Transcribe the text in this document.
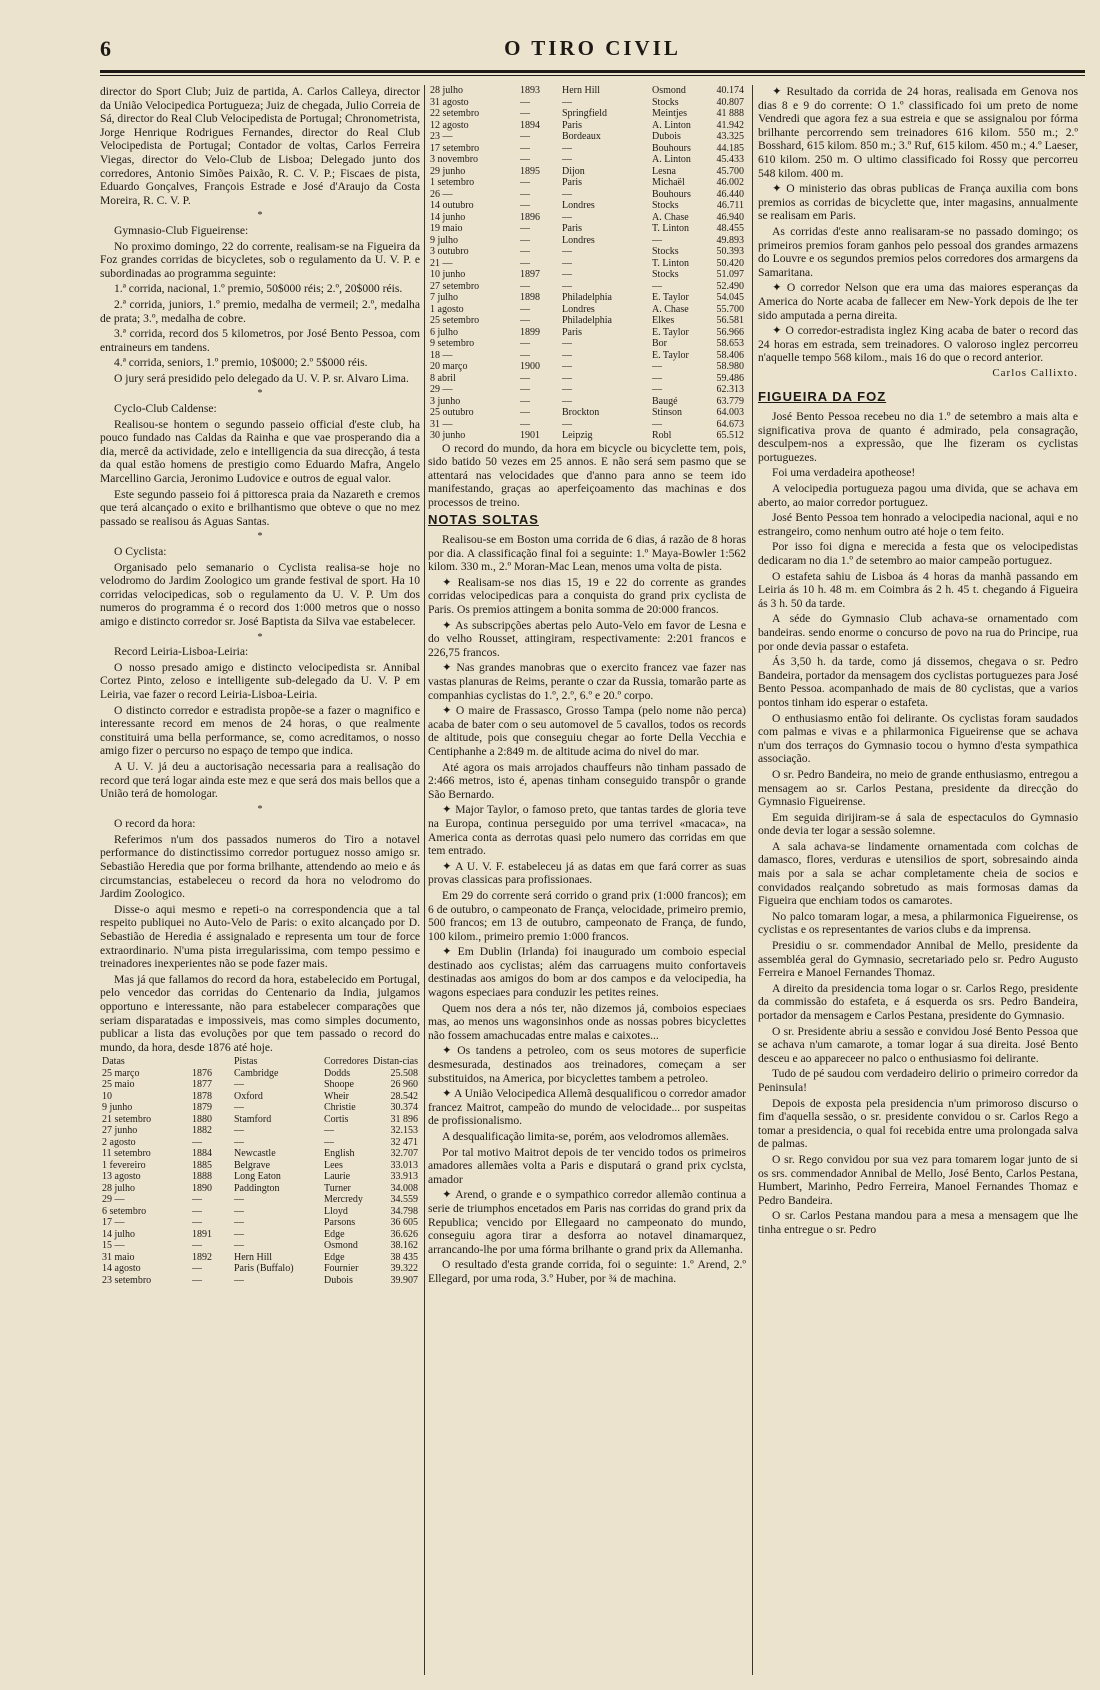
6	O TIRO CIVIL

director do Sport Club; Juiz de partida, A. Carlos Calleya, director da União Velocipedica Portugueza; Juiz de chegada, Julio Correia de Sá, director do Real Club Velocipedista de Portugal; Chronometrista, Jorge Henrique Rodrigues Fernandes, director do Real Club Velocipedista de Portugal; Contador de voltas, Carlos Ferreira Viegas, director do Velo-Club de Lisboa; Delegado junto dos corredores, Antonio Simões Paixão, R. C. V. P.; Fiscaes de pista, Eduardo Gonçalves, François Estrade e José d'Araujo da Costa Moreira, R. C. V. P.

*

Gymnasio-Club Figueirense:

No proximo domingo, 22 do corrente, realisam-se na Figueira da Foz grandes corridas de bicycletes, sob o regulamento da U. V. P. e subordinadas ao programma seguinte:

1.ª corrida, nacional, 1.º premio, 50$000 réis; 2.º, 20$000 réis.

2.ª corrida, juniors, 1.º premio, medalha de vermeil; 2.º, medalha de prata; 3.º, medalha de cobre.

3.ª corrida, record dos 5 kilometros, por José Bento Pessoa, com entraineurs em tandens.

4.ª corrida, seniors, 1.º premio, 10$000; 2.º 5$000 réis.

O jury será presidido pelo delegado da U. V. P. sr. Alvaro Lima.

*

Cyclo-Club Caldense:

Realisou-se hontem o segundo passeio official d'este club, ha pouco fundado nas Caldas da Rainha e que vae prosperando dia a dia, mercê da actividade, zelo e intelligencia da sua direcção, á testa da qual estão homens de prestigio como Eduardo Mafra, Angelo Marcellino Garcia, Jeronimo Ludovice e outros de egual valor.

Este segundo passeio foi á pittoresca praia da Nazareth e cremos que terá alcançado o exito e brilhantismo que obteve o que no mez passado se realisou ás Aguas Santas.

*

O Cyclista:

Organisado pelo semanario o Cyclista realisa-se hoje no velodromo do Jardim Zoologico um grande festival de sport. Ha 10 corridas velocipedicas, sob o regulamento da U. V. P. Um dos numeros do programma é o record dos 1:000 metros que o nosso amigo e distincto corredor sr. José Baptista da Silva vae estabelecer.

*

Record Leiria-Lisboa-Leiria:

O nosso presado amigo e distincto velocipedista sr. Annibal Cortez Pinto, zeloso e intelligente sub-delegado da U. V. P em Leiria, vae fazer o record Leiria-Lisboa-Leiria.

O distincto corredor e estradista propõe-se a fazer o magnifico e interessante record em menos de 24 horas, o que realmente constituirá uma bella performance, se, como acreditamos, o nosso amigo fizer o percurso no espaço de tempo que indica.

A U. V. já deu a auctorisação necessaria para a realisação do record que terá logar ainda este mez e que será dos mais bellos que a União terá de homologar.

*

O record da hora:

Referimos n'um dos passados numeros do Tiro a notavel performance do distinctissimo corredor portuguez nosso amigo sr. Sebastião Heredia que por forma brilhante, attendendo ao meio e ás circumstancias, estabeleceu o record da hora no velodromo do Jardim Zoologico.

Disse-o aqui mesmo e repeti-o na correspondencia que a tal respeito publiquei no Auto-Velo de Paris: o exito alcançado por D. Sebastião de Heredia é assignalado e representa um tour de force extraordinario. N'uma pista irregularissima, com tempo pessimo e treinadores inexperientes não se pode fazer mais.

Mas já que fallamos do record da hora, estabelecido em Portugal, pelo vencedor das corridas do Centenario da India, julgamos opportuno e interessante, não para estabelecer comparações que seriam disparatadas e impossiveis, mas como simples documento, publicar a lista das evoluções por que tem passado o record do mundo, da hora, desde 1876 até hoje.

Datas		Pistas	Corredores	Distan-cias
25 março	1876	Cambridge	Dodds	25.508
25 maio	1877	—	Shoope	26 960
10	1878	Oxford	Wheir	28.542
9 junho	1879	—	Christie	30.374
21 setembro	1880	Stamford	Cortis	31 896
27 junho	1882	—	—	32.153
2 agosto	—	—	—	32 471
11 setembro	1884	Newcastle	English	32.707
1 fevereiro	1885	Belgrave	Lees	33.013
13 agosto	1888	Long Eaton	Laurie	33.913
28 julho	1890	Paddington	Turner	34.008
29 —	—	—	Mercredy	34.559
6 setembro	—	—	Lloyd	34.798
17 —	—	—	Parsons	36 605
14 julho	1891	—	Edge	36.626
15 —	—	—	Osmond	38.162
31 maio	1892	Hern Hill	Edge	38 435
14 agosto	—	Paris (Buffalo)	Fournier	39.322
23 setembro	—	—	Dubois	39.907
28 julho	1893	Hern Hill	Osmond	40.174
31 agosto	—	—	Stocks	40.807
22 setembro	—	Springfield	Meintjes	41 888
12 agosto	1894	Paris	A. Linton	41.942
23 —	—	Bordeaux	Dubois	43.325
17 setembro	—	—	Bouhours	44.185
3 novembro	—	—	A. Linton	45.433
29 junho	1895	Dijon	Lesna	45.700
1 setembro	—	Paris	Michaël	46.002
26 —	—	—	Bouhours	46.440
14 outubro	—	Londres	Stocks	46.711
14 junho	1896	—	A. Chase	46.940
19 maio	—	Paris	T. Linton	48.455
9 julho	—	Londres	—	49.893
3 outubro	—	—	Stocks	50.393
21 —	—	—	T. Linton	50.420
10 junho	1897	—	Stocks	51.097
27 setembro	—	—	—	52.490
7 julho	1898	Philadelphia	E. Taylor	54.045
1 agosto	—	Londres	A. Chase	55.700
25 setembro	—	Philadelphia	Elkes	56.581
6 julho	1899	Paris	E. Taylor	56.966
9 setembro	—	—	Bor	58.653
18 —	—	—	E. Taylor	58.406
20 março	1900	—	—	58.980
8 abril	—	—	—	59.486
29 —	—	—	—	62.313
3 junho	—	—	Baugé	63.779
25 outubro	—	Brockton	Stinson	64.003
31 —	—	—	—	64.673
30 junho	1901	Leipzig	Robl	65.512

O record do mundo, da hora em bicycle ou bicyclette tem, pois, sido batido 50 vezes em 25 annos. E não será sem pasmo que se attentará nas velocidades que d'anno para anno se teem ido manifestando, graças ao aperfeiçoamento das machinas e dos processos de treino.

NOTAS SOLTAS

Realisou-se em Boston uma corrida de 6 dias, á razão de 8 horas por dia. A classificação final foi a seguinte: 1.º Maya-Bowler 1:562 kilom. 330 m., 2.º Moran-Mac Lean, menos uma volta de pista.

✦ Realisam-se nos dias 15, 19 e 22 do corrente as grandes corridas velocipedicas para a conquista do grand prix cyclista de Paris. Os premios attingem a bonita somma de 20:000 francos.

✦ As subscripções abertas pelo Auto-Velo em favor de Lesna e do velho Rousset, attingiram, respectivamente: 2:201 francos e 226,75 francos.

✦ Nas grandes manobras que o exercito francez vae fazer nas vastas planuras de Reims, perante o czar da Russia, tomarão parte as companhias cyclistas do 1.º, 2.º, 6.º e 20.º corpo.

✦ O maire de Frassasco, Grosso Tampa (pelo nome não perca) acaba de bater com o seu automovel de 5 cavallos, todos os records de altitude, pois que conseguiu chegar ao forte Della Vecchia e Centiphanhe a 2:849 m. de altitude acima do nivel do mar.

Até agora os mais arrojados chauffeurs não tinham passado de 2:466 metros, isto é, apenas tinham conseguido transpôr o grande São Bernardo.

✦ Major Taylor, o famoso preto, que tantas tardes de gloria teve na Europa, continua perseguido por uma terrivel «macaca», na America conta as derrotas quasi pelo numero das corridas em que tem entrado.

✦ A U. V. F. estabeleceu já as datas em que fará correr as suas provas classicas para profissionaes.

Em 29 do corrente será corrido o grand prix (1:000 francos); em 6 de outubro, o campeonato de França, velocidade, primeiro premio, 500 francos; em 13 de outubro, campeonato de França, de fundo, 100 kilom., primeiro premio 1:000 francos.

✦ Em Dublin (Irlanda) foi inaugurado um comboio especial destinado aos cyclistas; além das carruagens muito confortaveis destinadas aos amigos do bom ar dos campos e da velocipedia, ha wagons especiaes para conduzir les petites reines.

Quem nos dera a nós ter, não dizemos já, comboios especiaes mas, ao menos uns wagonsinhos onde as nossas pobres bicyclettes não fossem amachucadas entre malas e caixotes...

✦ Os tandens a petroleo, com os seus motores de superficie desmesurada, destinados aos treinadores, começam a ser substituidos, na America, por bicyclettes tambem a petroleo.

✦ A União Velocipedica Allemã desqualificou o corredor amador francez Maitrot, campeão do mundo de velocidade... por suspeitas de profissionalismo.

A desqualificação limita-se, porém, aos velodromos allemães.

Por tal motivo Maitrot depois de ter vencido todos os primeiros amadores allemães volta a Paris e disputará o grand prix cyclsta, amador

✦ Arend, o grande e o sympathico corredor allemão continua a serie de triumphos encetados em Paris nas corridas do grand prix da Republica; vencido por Ellegaard no campeonato do mundo, conseguiu agora tirar a desforra ao notavel dinamarquez, arrancando-lhe por uma fórma brilhante o grand prix da Allemanha.

O resultado d'esta grande corrida, foi o seguinte: 1.º Arend, 2.º Ellegard, por uma roda, 3.º Huber, por ¾ de machina.

✦ Resultado da corrida de 24 horas, realisada em Genova nos dias 8 e 9 do corrente: O 1.º classificado foi um preto de nome Vendredi que agora fez a sua estreia e que se assignalou por fórma brilhante percorrendo sem treinadores 616 kilom. 550 m.; 2.º Bosshard, 615 kilom. 850 m.; 3.º Ruf, 615 kilom. 450 m.; 4.º Laeser, 610 kilom. 250 m. O ultimo classificado foi Rossy que percorreu 548 kilom. 400 m.

✦ O ministerio das obras publicas de França auxilia com bons premios as corridas de bicyclette que, inter magasins, annualmente se realisam em Paris.

As corridas d'este anno realisaram-se no passado domingo; os primeiros premios foram ganhos pelo pessoal dos grandes armazens do Louvre e os segundos premios pelos corredores dos armargens da Samaritana.

✦ O corredor Nelson que era uma das maiores esperanças da America do Norte acaba de fallecer em New-York depois de lhe ter sido amputada a perna direita.

✦ O corredor-estradista inglez King acaba de bater o record das 24 horas em estrada, sem treinadores. O valoroso inglez percorreu n'aquelle tempo 568 kilom., mais 16 do que o record anterior.

Carlos Callixto.
FIGUEIRA DA FOZ

José Bento Pessoa recebeu no dia 1.º de setembro a mais alta e significativa prova de quanto é admirado, pela consagração, desculpem-nos a expressão, que lhe fizeram os cyclistas portuguezes.

Foi uma verdadeira apotheose!

A velocipedia portugueza pagou uma divida, que se achava em aberto, ao maior corredor portuguez.

José Bento Pessoa tem honrado a velocipedia nacional, aqui e no estrangeiro, como nenhum outro até hoje o tem feito.

Por isso foi digna e merecida a festa que os velocipedistas dedicaram no dia 1.º de setembro ao maior campeão portuguez.

O estafeta sahiu de Lisboa ás 4 horas da manhã passando em Leiria ás 10 h. 48 m. em Coimbra ás 2 h. 45 t. chegando á Figueira ás 3 h. 50 da tarde.

A séde do Gymnasio Club achava-se ornamentado com bandeiras. sendo enorme o concurso de povo na rua do Principe, rua por onde devia passar o estafeta.

Ás 3,50 h. da tarde, como já dissemos, chegava o sr. Pedro Bandeira, portador da mensagem dos cyclistas portuguezes para José Bento Pessoa. acompanhado de mais de 80 cyclistas, que a varios pontos tinham ido esperar o estafeta.

O enthusiasmo então foi delirante. Os cyclistas foram saudados com palmas e vivas e a philarmonica Figueirense que se achava n'um dos terraços do Gymnasio tocou o hymno d'esta sympathica associação.

O sr. Pedro Bandeira, no meio de grande enthusiasmo, entregou a mensagem ao sr. Carlos Pestana, presidente da direcção do Gymnasio Figueirense.

Em seguida dirijiram-se á sala de espectaculos do Gymnasio onde devia ter logar a sessão solemne.

A sala achava-se lindamente ornamentada com colchas de damasco, flores, verduras e utensilios de sport, sobresaindo ainda mais por a sala se achar completamente cheia de socios e convidados realçando sobretudo as mais formosas damas da Figueira que enchiam todos os camarotes.

No palco tomaram logar, a mesa, a philarmonica Figueirense, os cyclistas e os representantes de varios clubs e da imprensa.

Presidiu o sr. commendador Annibal de Mello, presidente da assembléa geral do Gymnasio, secretariado pelo sr. Pedro Augusto Ferreira e Manoel Fernandes Thomaz.

A direito da presidencia toma logar o sr. Carlos Rego, presidente da commissão do estafeta, e á esquerda os srs. Pedro Bandeira, portador da mensagem e Carlos Pestana, presidente do Gymnasio.

O sr. Presidente abriu a sessão e convidou José Bento Pessoa que se achava n'um camarote, a tomar logar á sua direita. José Bento desceu e ao appareceer no palco o enthusiasmo foi delirante.

Tudo de pé saudou com verdadeiro delirio o primeiro corredor da Peninsula!

Depois de exposta pela presidencia n'um primoroso discurso o fim d'aquella sessão, o sr. presidente convidou o sr. Carlos Rego a tomar a presidencia, o qual foi recebida entre uma prolongada salva de palmas.

O sr. Rego convidou por sua vez para tomarem logar junto de si os srs. commendador Annibal de Mello, José Bento, Carlos Pestana, Humbert, Marinho, Pedro Ferreira, Manoel Fernandes Thomaz e Pedro Bandeira.

O sr. Carlos Pestana mandou para a mesa a mensagem que lhe tinha entregue o sr. Pedro
